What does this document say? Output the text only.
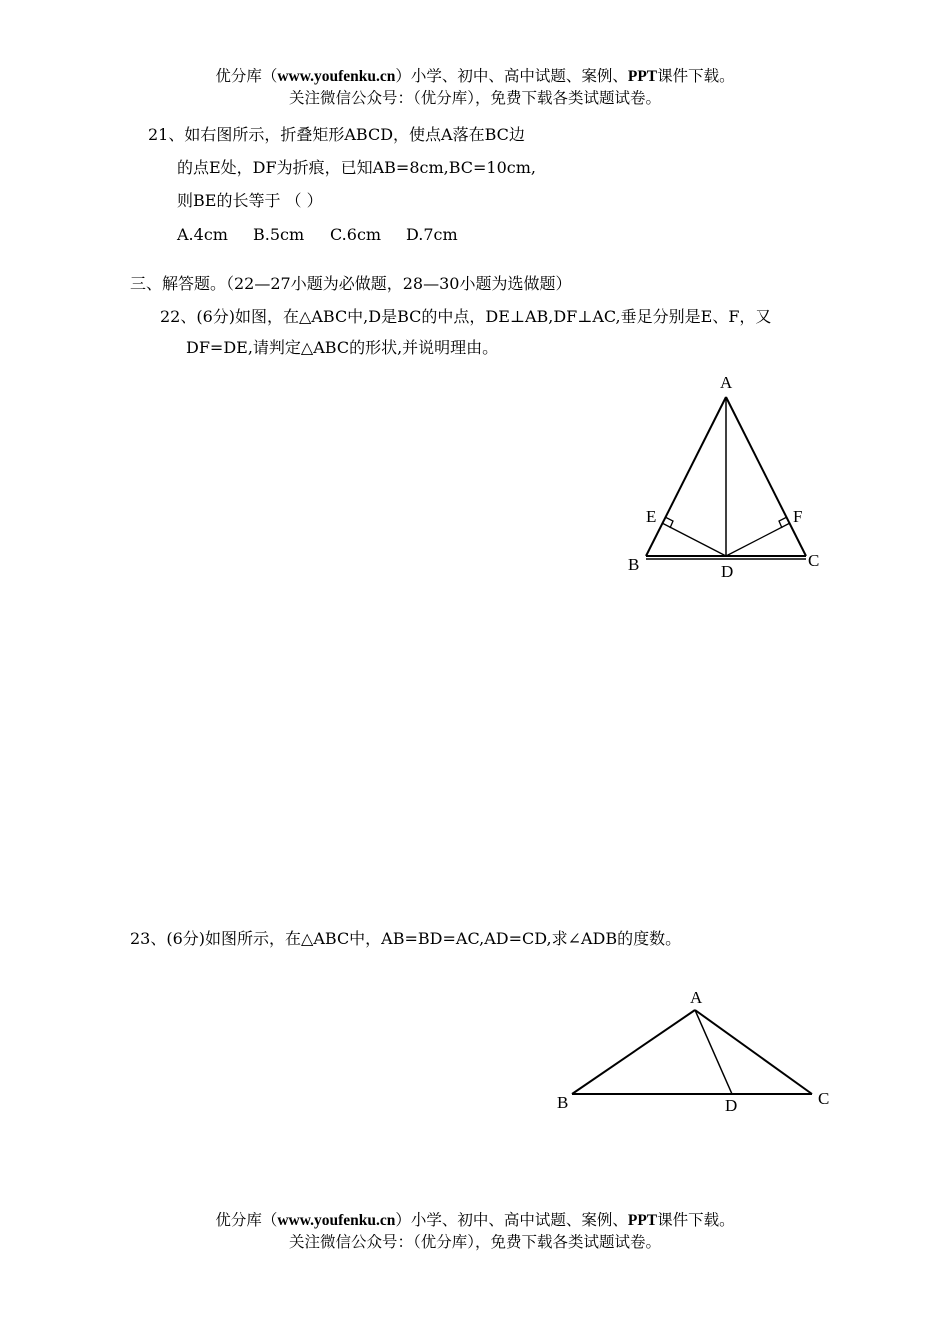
优分库（www.youfenku.cn）小学、初中、高中试题、案例、PPT课件下载。
关注微信公众号：（优分库），免费下载各类试题试卷。
21、如右图所示，折叠矩形ABCD，使点A落在BC边
的点E处，DF为折痕，已知AB=8cm,BC=10cm,
则BE的长等于 （ ）
A.4cm B.5cm C.6cm D.7cm
三、解答题。（22—27小题为必做题，28—30小题为选做题）
22、(6分)如图，在△ABC中,D是BC的中点，DE⊥AB,DF⊥AC,垂足分别是E、F，又
DF=DE,请判定△ABC的形状,并说明理由。
A
B	C
D
E	F
23、(6分)如图所示，在△ABC中，AB=BD=AC,AD=CD,求∠ADB的度数。
A
B	C
D
优分库（www.youfenku.cn）小学、初中、高中试题、案例、PPT课件下载。
关注微信公众号：（优分库），免费下载各类试题试卷。
